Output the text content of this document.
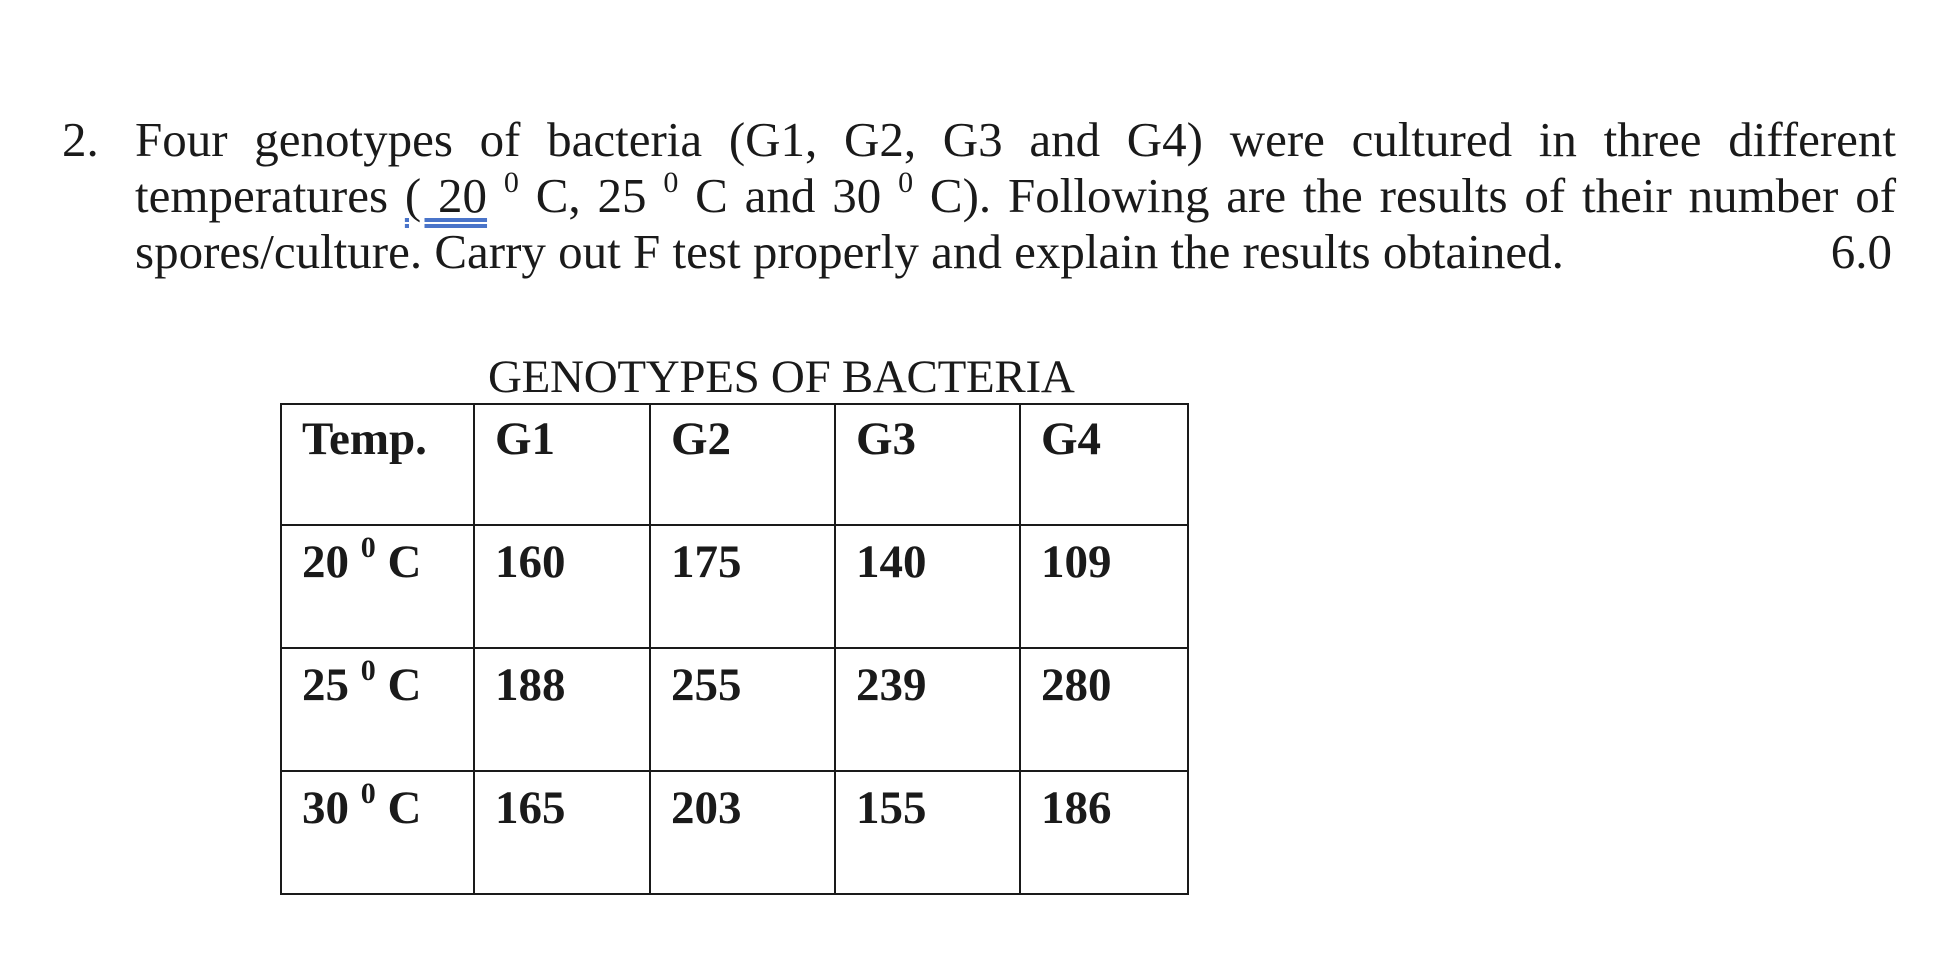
2. Four genotypes of bacteria (G1, G2, G3 and G4) were cultured in three different
temperatures ( 20 $^0$ C, 25 $^0$ C and 30 $^0$ C). Following are the results of their number of
spores/culture. Carry out F test properly and explain the results obtained.	6.0
GENOTYPES OF BACTERIA
Temp.	G1	G2	G3	G4
20 $^0$ C	160	175	140	109
25 $^0$ C	188	255	239	280
30 $^0$ C	165	203	155	186
